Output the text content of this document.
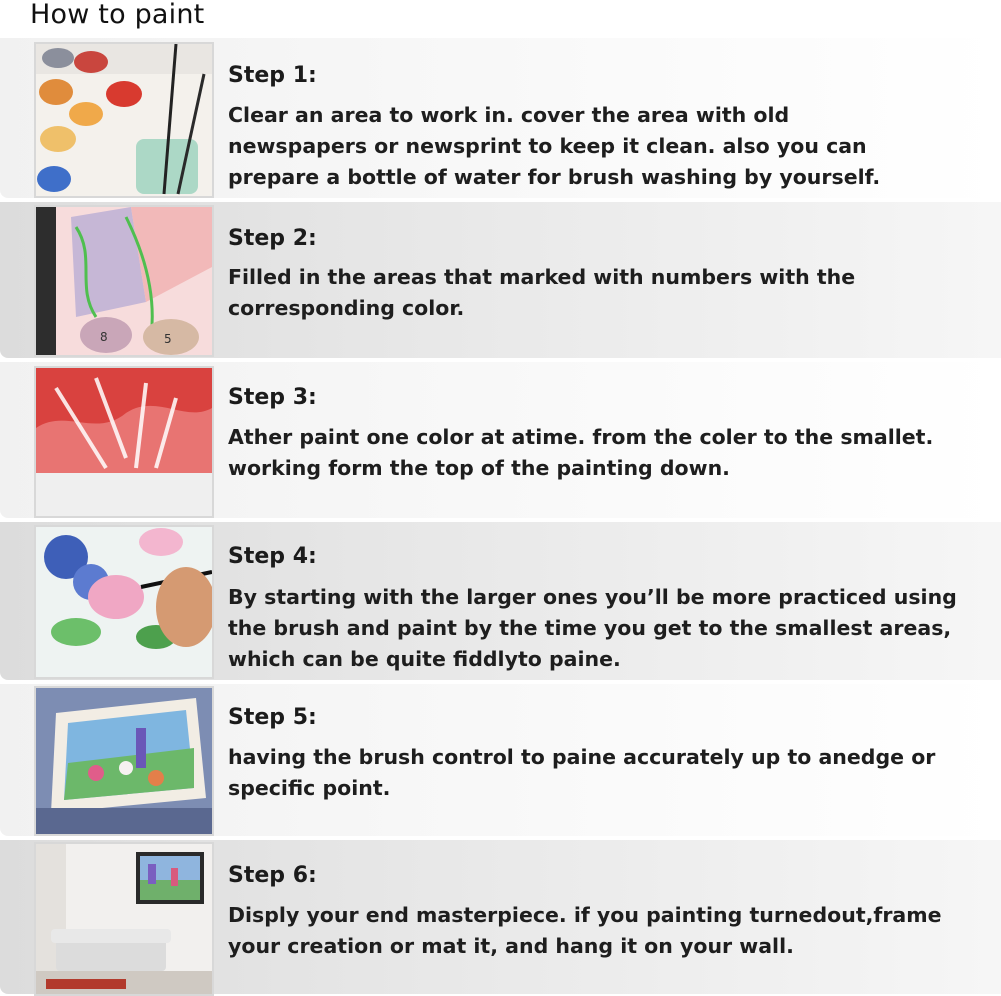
How to paint
Step 1:
Clear an area to work in. cover the area with old
newspapers or newsprint to keep it clean. also you can
prepare a bottle of water for brush washing by yourself.
8	5
Step 2:
Filled in the areas that marked with numbers with the
corresponding color.
Step 3:
Ather paint one color at atime. from the coler to the smallet.
working form the top of the painting down.
Step 4:
By starting with the larger ones you’ll be more practiced using
the brush and paint by the time you get to the smallest areas,
which can be quite fiddlyto paine.
Step 5:
having the brush control to paine accurately up to anedge or
specific point.
Step 6:
Disply your end masterpiece. if you painting turnedout,frame
your creation or mat it, and hang it on your wall.
